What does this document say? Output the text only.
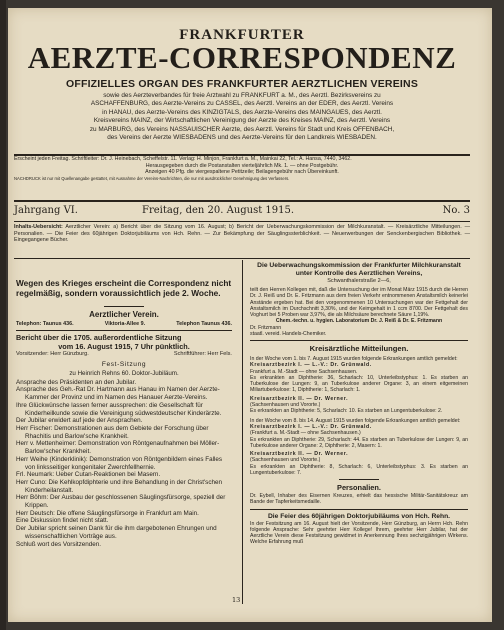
FRANKFURTER
AERZTE-CORRESPONDENZ
OFFIZIELLES ORGAN DES FRANKFURTER AERZTLICHEN VEREINS
sowie des Aerzteverbandes für freie Arztwahl zu FRANKFURT a. M., des Aerztl. Bezirksvereins zu
ASCHAFFENBURG, des Aerzte-Vereins zu CASSEL, des Aerztl. Vereins an der EDER, des Aerztl. Vereins
in HANAU, des Aerzte-Vereins des KINZIGTALS, des Aerzte-Vereins des MAINGAUES, des Aerztl.
Kreisvereins MAINZ, der Wirtschaftlichen Vereinigung der Aerzte des Kreises MAINZ, des Aerztl. Vereins
zu MARBURG, des Vereins NASSAUISCHER Aerzte, des Aerztl. Vereins für Stadt und Kreis OFFENBACH,
des Vereins der Aerzte WIESBADENS und des Aerzte-Vereins für den Landkreis WIESBADEN.
Erscheint jeden Freitag. Schriftleiter: Dr. J. Heinebach, Scheffelstr. 11. Verlag: H. Minjon, Frankfurt a. M., Mainkai 22, Tel.: A. Hansa, 7440, 3462.
Herausgegeben durch die Postanstalten vierteljährlich Mk. 1. — ohne Postgebühr.
Anzeigen 40 Pfg. die viergespaltene Petitzeile; Beilagengebühr nach Übereinkunft.
NACHDRUCK ist nur mit Quellenangabe gestattet, mit Ausnahme der Vereins-Nachrichten, die nur mit ausdrücklicher Genehmigung des Verfassers.
Jahrgang VI.	Freitag, den 20. August 1915.	No. 3
Inhalts-Uebersicht: Aerztlicher Verein: a) Bericht über die Sitzung vom 16. August; b) Bericht der Ueberwachungskommission der Milchkuranstalt. — Kreisärztliche Mitteilungen. — Personalien. — Die Feier des 60jährigen Doktorjubiläums von Hch. Rehn. — Zur Bekämpfung der Säuglingssterblichkeit. — Neuerwerbungen der Senckenbergischen Bibliothek. — Eingegangene Bücher.
Wegen des Krieges erscheint die Correspondenz nicht regelmäßig, sondern voraussichtlich jede 2. Woche.
Aerztlicher Verein.
Telephon: Taunus 436.	Viktoria-Allee 9.	Telephon Taunus 436.
Bericht über die 1705. außerordentliche Sitzung
vom 16. August 1915, 7 Uhr pünktlich.
Vorsitzender: Herr Günzburg.	Schriftführer: Herr Fels.
Fest-Sitzung
zu Heinrich Rehns 60. Doktor-Jubiläum.
Ansprache des Präsidenten an den Jubilar.
Ansprache des Geh.-Rat Dr. Hartmann aus Hanau im Namen der Aerzte-Kammer der Provinz und im Namen des Hanauer Aerzte-Vereins.
Ihre Glückwünsche lassen ferner aussprechen: die Gesellschaft für Kinderheilkunde sowie die Vereinigung südwestdeutscher Kinderärzte.
Der Jubilar erwidert auf jede der Ansprachen.
Herr Fischer: Demonstrationen aus dem Gebiete der Forschung über Rhachitis und Barlow'sche Krankheit.
Herr v. Mettenheimer: Demonstration von Röntgenaufnahmen bei Möller-Barlow'scher Krankheit.
Herr Weihe (Kinderklinik): Demonstration von Röntgenbildern eines Falles von linksseitiger kongenitaler Zwerchfellhernie.
Frl. Neumark: Ueber Cutan-Reaktionen bei Masern.
Herr Cuno: Die Kehlkopfdiphterie und ihre Behandlung in der Christ'schen Kinderheilanstalt.
Herr Böhm: Der Ausbau der geschlossenen Säuglingsfürsorge, speziell der Krippen.
Herr Deutsch: Die offene Säuglingsfürsorge in Frankfurt am Main.
Eine Diskussion findet nicht statt.
Der Jubilar spricht seinen Dank für die ihm dargebotenen Ehrungen und wissenschaftlichen Vorträge aus.
Schluß wort des Vorsitzenden.
Die Ueberwachungskommission der Frankfurter Milchkuranstalt unter Kontrolle des Aerztlichen Vereins,
Schwanthalerstraße 2—6,
teilt den Herren Kollegen mit, daß die Untersuchung der im Monat März 1915 durch die Herren Dr. J. Reiß und Dr. E. Fritzmann aus dem freien Verkehr entnommenen Anstaltsmilch keinerlei Anstände ergeben hat. Bei den vorgenommenen 10 Untersuchungen war der Fettgehalt der Anstaltsmilch im Durchschnitt 3,30%, und der Keimgehalt in 1 ccm 8700. Der Fettgehalt des Voghurt bei 5 Proben war 3,97%, die als Milchsäure berechnete Säure 1,19%.
Chem.-techn. u. hygien. Laboratorium Dr. J. Reiß & Dr. E. Fritzmann
Dr. Fritzmann
staatl. vereid. Handels-Chemiker.
Kreisärztliche Mitteilungen.
In der Woche vom 1. bis 7. August 1915 wurden folgende Erkrankungen amtlich gemeldet:
Kreisarztbezirk I. — L.-V.: Dr. Grünwald.
Frankfurt a. M.-Stadt — ohne Sachsenhausen.
Es erkrankten an Diphtherie: 36, Scharlach: 10, Unterleibstyphus: 1. Es starben an Tuberkulose der Lungen: 9, an Tuberkulose anderer Organe: 3, an einem eitgemeinen Miliartuberkulose: 1, Diphtherie: 1, Scharlach: 1.
Kreisarztbezirk II. — Dr. Werner.
(Sachsenhausen und Vororte.)
Es erkrankten an Diphtherie: 5, Scharlach: 10. Es starben an Lungentuberkulose: 2.
In der Woche vom 8. bis 14. August 1915 wurden folgende Erkrankungen amtlich gemeldet:
Kreisarztbezirk I. — L.-V.: Dr. Grünwald.
(Frankfurt a. M.-Stadt — ohne Sachsenhausen.)
Es erkrankten an Diphtherie: 29, Scharlach: 44. Es starben an Tuberkulose der Lungen: 9, an Tuberkulose anderer Organe: 2, Diphtherie: 2, Masern: 1.
Kreisarztbezirk II. — Dr. Werner.
(Sachsenhausen und Vororte.)
Es erkrankten an Diphtherie: 8, Scharlach: 6, Unterleibstyphus: 3. Es starben an Lungentuberkulose: 7.
Personalien.
Dr. Eybell, Inhaber des Eisernen Kreuzes, erhielt das hessische Militär-Sanitätskreuz am Bande der Tapferkeitsmedaille.
Die Feier des 60jährigen Doktorjubiläums von Hch. Rehn.
In der Festsitzung am 16. August hielt der Vorsitzende, Herr Günzburg, an Herrn Hch. Rehn folgende Ansprache: Sehr geehrter Herr Kollege! Ihrem, geehrter Herr Jubilar, hat der Aerztliche Verein diese Festsitzung gewidmet in Anerkennung Ihres sechzigjährigen Wirkens. Welche Erfahrung muß
13
